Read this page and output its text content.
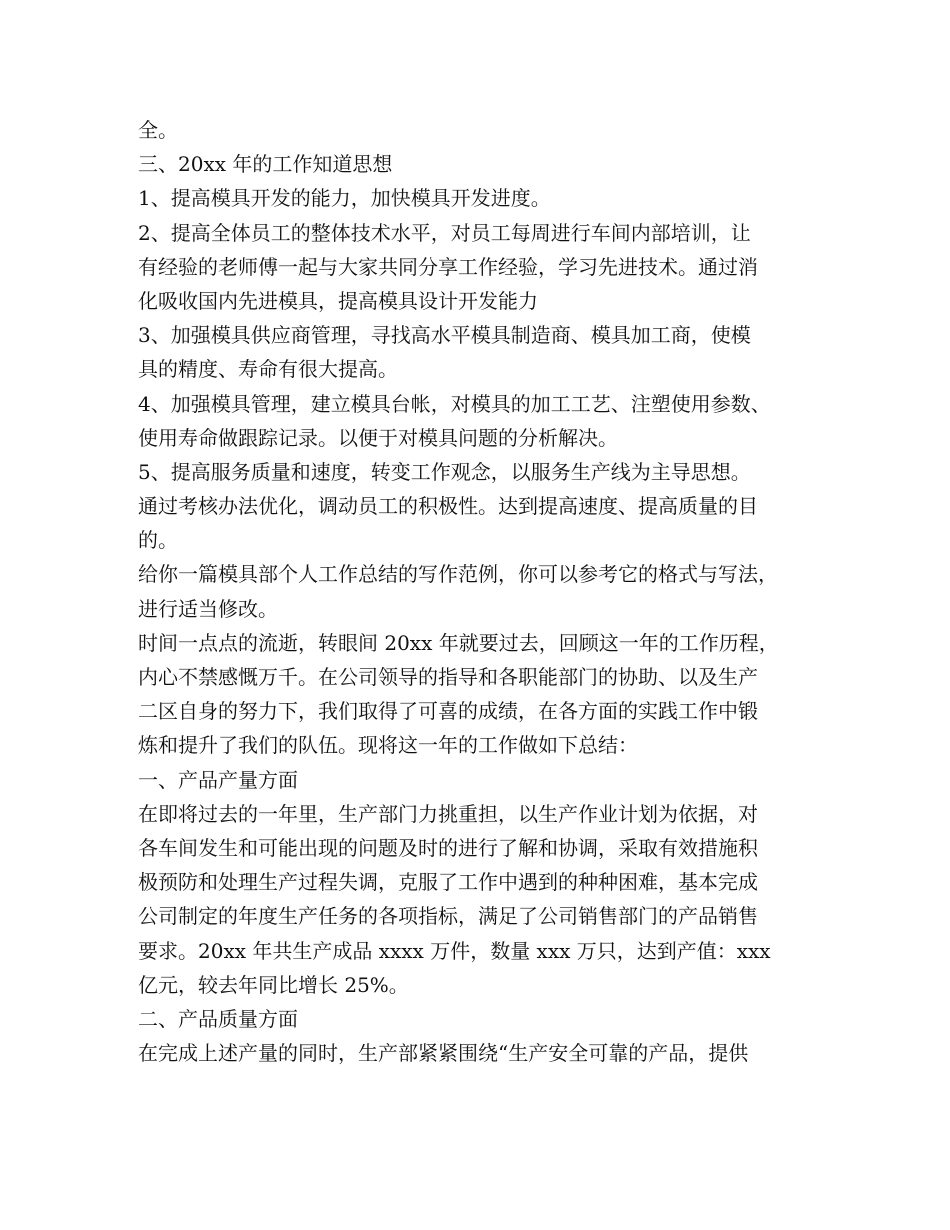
全。
三、20xx 年的工作知道思想
1、提高模具开发的能力，加快模具开发进度。
2、提高全体员工的整体技术水平，对员工每周进行车间内部培训，让
有经验的老师傅一起与大家共同分享工作经验，学习先进技术。通过消
化吸收国内先进模具，提高模具设计开发能力
3、加强模具供应商管理，寻找高水平模具制造商、模具加工商，使模
具的精度、寿命有很大提高。
4、加强模具管理，建立模具台帐，对模具的加工工艺、注塑使用参数、
使用寿命做跟踪记录。以便于对模具问题的分析解决。
5、提高服务质量和速度，转变工作观念，以服务生产线为主导思想。
通过考核办法优化，调动员工的积极性。达到提高速度、提高质量的目
的。
给你一篇模具部个人工作总结的写作范例，你可以参考它的格式与写法，
进行适当修改。
时间一点点的流逝，转眼间 20xx 年就要过去，回顾这一年的工作历程，
内心不禁感慨万千。在公司领导的指导和各职能部门的协助、以及生产
二区自身的努力下，我们取得了可喜的成绩，在各方面的实践工作中锻
炼和提升了我们的队伍。现将这一年的工作做如下总结：
一、产品产量方面
在即将过去的一年里，生产部门力挑重担，以生产作业计划为依据，对
各车间发生和可能出现的问题及时的进行了解和协调，采取有效措施积
极预防和处理生产过程失调，克服了工作中遇到的种种困难，基本完成
公司制定的年度生产任务的各项指标，满足了公司销售部门的产品销售
要求。20xx 年共生产成品 xxxx 万件，数量 xxx 万只，达到产值：xxx
亿元，较去年同比增长 25%。
二、产品质量方面
在完成上述产量的同时，生产部紧紧围绕“生产安全可靠的产品，提供
